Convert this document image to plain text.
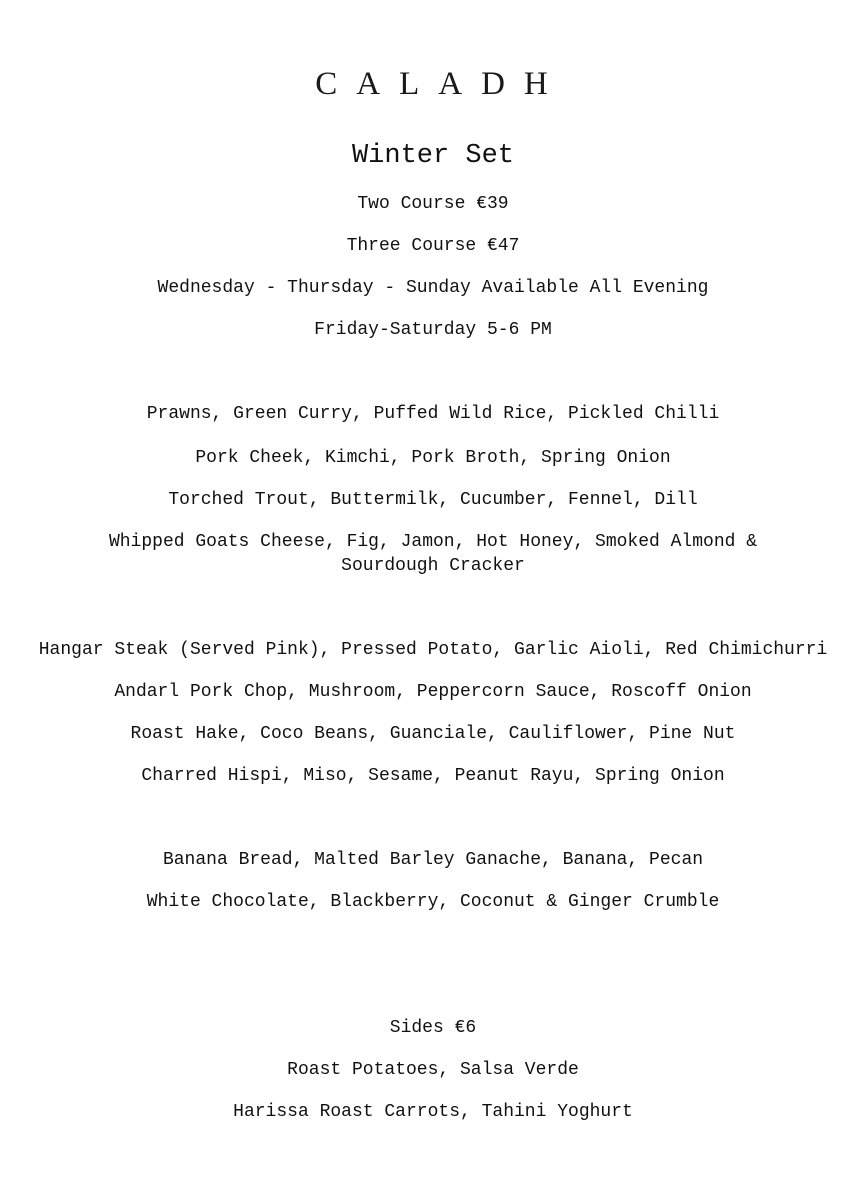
CALADH
Winter Set
Two Course €39
Three Course €47
Wednesday - Thursday - Sunday Available All Evening
Friday-Saturday 5-6 PM
Prawns, Green Curry, Puffed Wild Rice, Pickled Chilli
Pork Cheek, Kimchi, Pork Broth, Spring Onion
Torched Trout, Buttermilk, Cucumber, Fennel, Dill
Whipped Goats Cheese, Fig, Jamon, Hot Honey, Smoked Almond & Sourdough Cracker
Hangar Steak (Served Pink), Pressed Potato, Garlic Aioli, Red Chimichurri
Andarl Pork Chop, Mushroom, Peppercorn Sauce, Roscoff Onion
Roast Hake, Coco Beans, Guanciale, Cauliflower, Pine Nut
Charred Hispi, Miso, Sesame, Peanut Rayu, Spring Onion
Banana Bread, Malted Barley Ganache, Banana, Pecan
White Chocolate, Blackberry, Coconut & Ginger Crumble
Sides €6
Roast Potatoes, Salsa Verde
Harissa Roast Carrots, Tahini Yoghurt
